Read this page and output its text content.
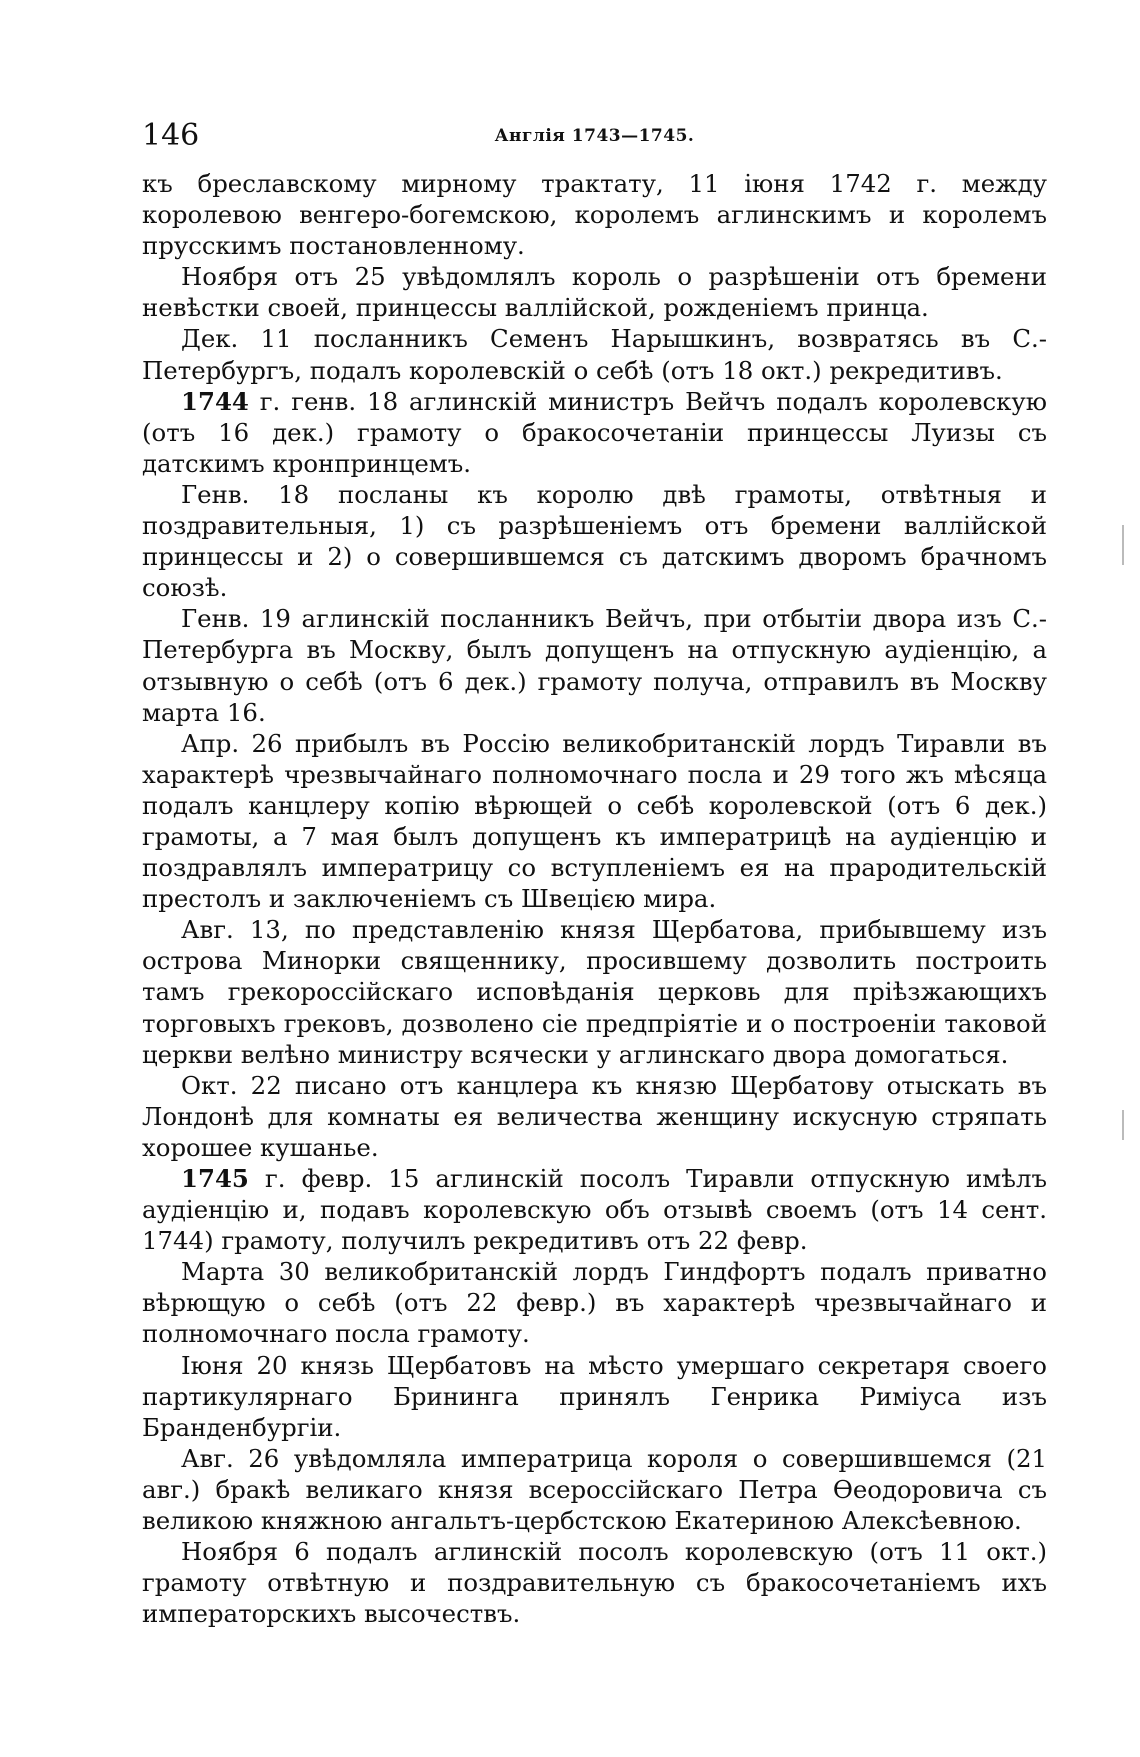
146	Англія 1743—1745.

къ бреславскому мирному трактату, 11 іюня 1742 г. между королевою венгеро-богемскою, королемъ аглинскимъ и королемъ прусскимъ постановленному.

Ноября отъ 25 увѣдомлялъ король о разрѣшеніи отъ бремени невѣстки своей, принцессы валлійской, рожденіемъ принца.

Дек. 11 посланникъ Семенъ Нарышкинъ, возвратясь въ С.-Петербургъ, подалъ королевскій о себѣ (отъ 18 окт.) рекредитивъ.

1744 г. генв. 18 аглинскій министръ Вейчъ подалъ королевскую (отъ 16 дек.) грамоту о бракосочетаніи принцессы Луизы съ датскимъ кронпринцемъ.

Генв. 18 посланы къ королю двѣ грамоты, отвѣтныя и поздравительныя, 1) съ разрѣшеніемъ отъ бремени валлійской принцессы и 2) о совершившемся съ датскимъ дворомъ брачномъ союзѣ.

Генв. 19 аглинскій посланникъ Вейчъ, при отбытіи двора изъ С.-Петербурга въ Москву, былъ допущенъ на отпускную аудіенцію, а отзывную о себѣ (отъ 6 дек.) грамоту получа, отправилъ въ Москву марта 16.

Апр. 26 прибылъ въ Россію великобританскій лордъ Тиравли въ характерѣ чрезвычайнаго полномочнаго посла и 29 того жъ мѣсяца подалъ канцлеру копію вѣрющей о себѣ королевской (отъ 6 дек.) грамоты, а 7 мая былъ допущенъ къ императрицѣ на аудіенцію и поздравлялъ императрицу со вступленіемъ ея на прародительскій престолъ и заключеніемъ съ Швецією мира.

Авг. 13, по представленію князя Щербатова, прибывшему изъ острова Минорки священнику, просившему дозволить построить тамъ грекороссійскаго исповѣданія церковь для пріѣзжающихъ торговыхъ грековъ, дозволено сіе предпріятіе и о построеніи таковой церкви велѣно министру всячески у аглинскаго двора домогаться.

Окт. 22 писано отъ канцлера къ князю Щербатову отыскать въ Лондонѣ для комнаты ея величества женщину искусную стряпать хорошее кушанье.

1745 г. февр. 15 аглинскій посолъ Тиравли отпускную имѣлъ аудіенцію и, подавъ королевскую объ отзывѣ своемъ (отъ 14 сент. 1744) грамоту, получилъ рекредитивъ отъ 22 февр.

Марта 30 великобританскій лордъ Гиндфортъ подалъ приватно вѣрющую о себѣ (отъ 22 февр.) въ характерѣ чрезвычайнаго и полномочнаго посла грамоту.

Іюня 20 князь Щербатовъ на мѣсто умершаго секретаря своего партикулярнаго Бринингa принялъ Генрика Риміуса изъ Бранденбургіи.

Авг. 26 увѣдомляла императрица короля о совершившемся (21 авг.) бракѣ великаго князя всероссійскаго Петра Ѳеодоровича съ великою княжною ангальтъ-цербстскою Екатериною Алексѣевною.

Ноября 6 подалъ аглинскій посолъ королевскую (отъ 11 окт.) грамоту отвѣтную и поздравительную съ бракосочетаніемъ ихъ императорскихъ высочествъ.
